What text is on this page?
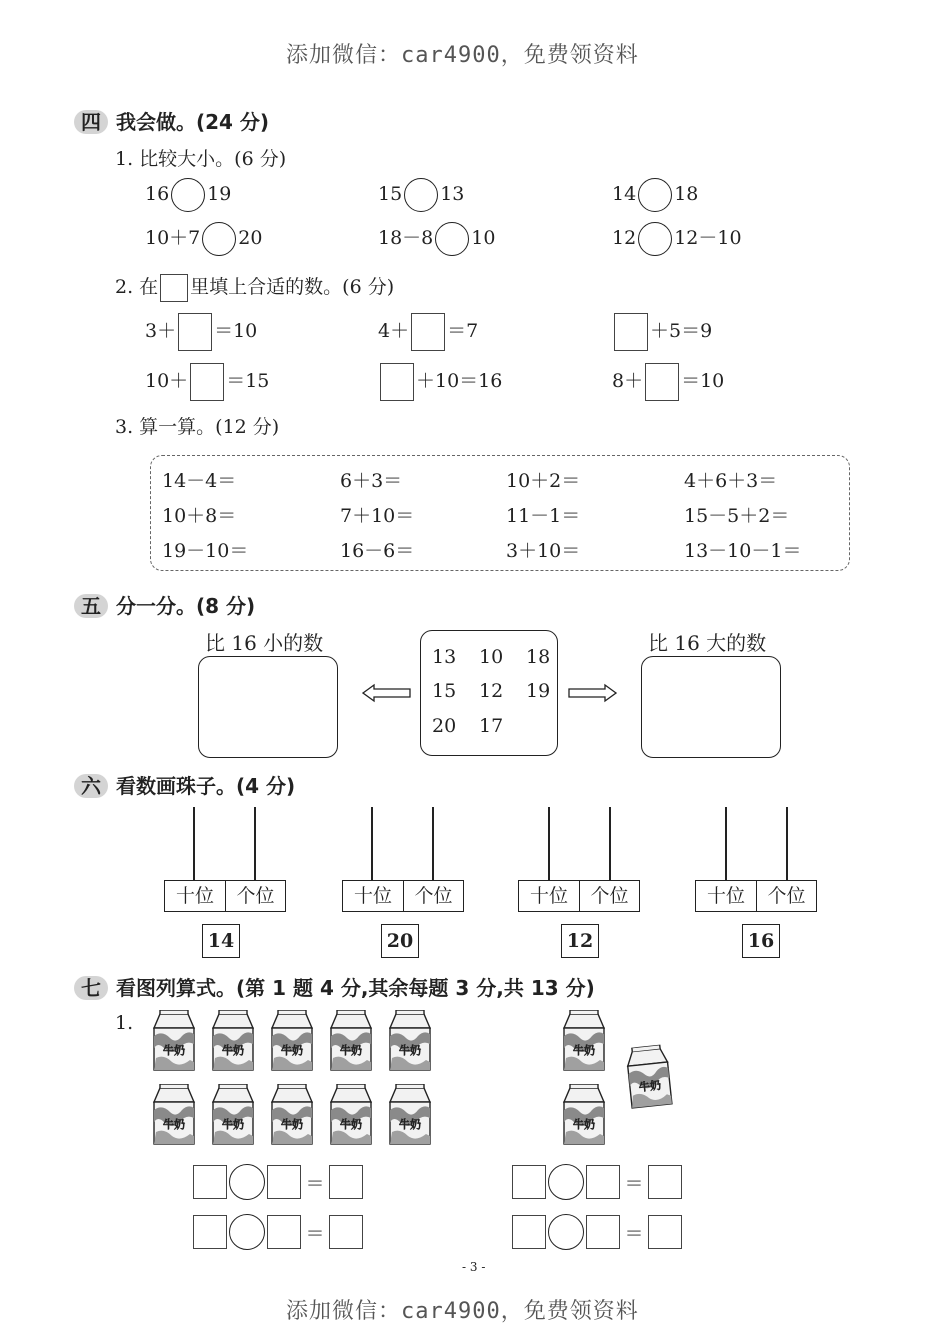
添加微信：car4900，免费领资料
添加微信：car4900，免费领资料
四 我会做。(24 分)
1. 比较大小。(6 分)
16 19	15 13	14 18
10＋7 20	18－8 10	12 12－10
2. 在 里填上合适的数。(6 分)
3＋ ＝10	4＋ ＝7	＋5＝9
10＋ ＝15	＋10＝16	8＋ ＝10
3. 算一算。(12 分)
14－4＝	6＋3＝	10＋2＝	4＋6＋3＝
10＋8＝	7＋10＝	11－1＝	15－5＋2＝
19－10＝	16－6＝	3＋10＝	13－10－1＝
五 分一分。(8 分)
比 16 小的数	比 16 大的数
13 10 18
15 12 19
20 17
六 看数画珠子。(4 分)
十位	个位
14
十位	个位
20
十位	个位
12
十位	个位
16
七 看图列算式。(第 1 题 4 分,其余每题 3 分,共 13 分)
1.
＝
＝
＝
＝
- 3 -
